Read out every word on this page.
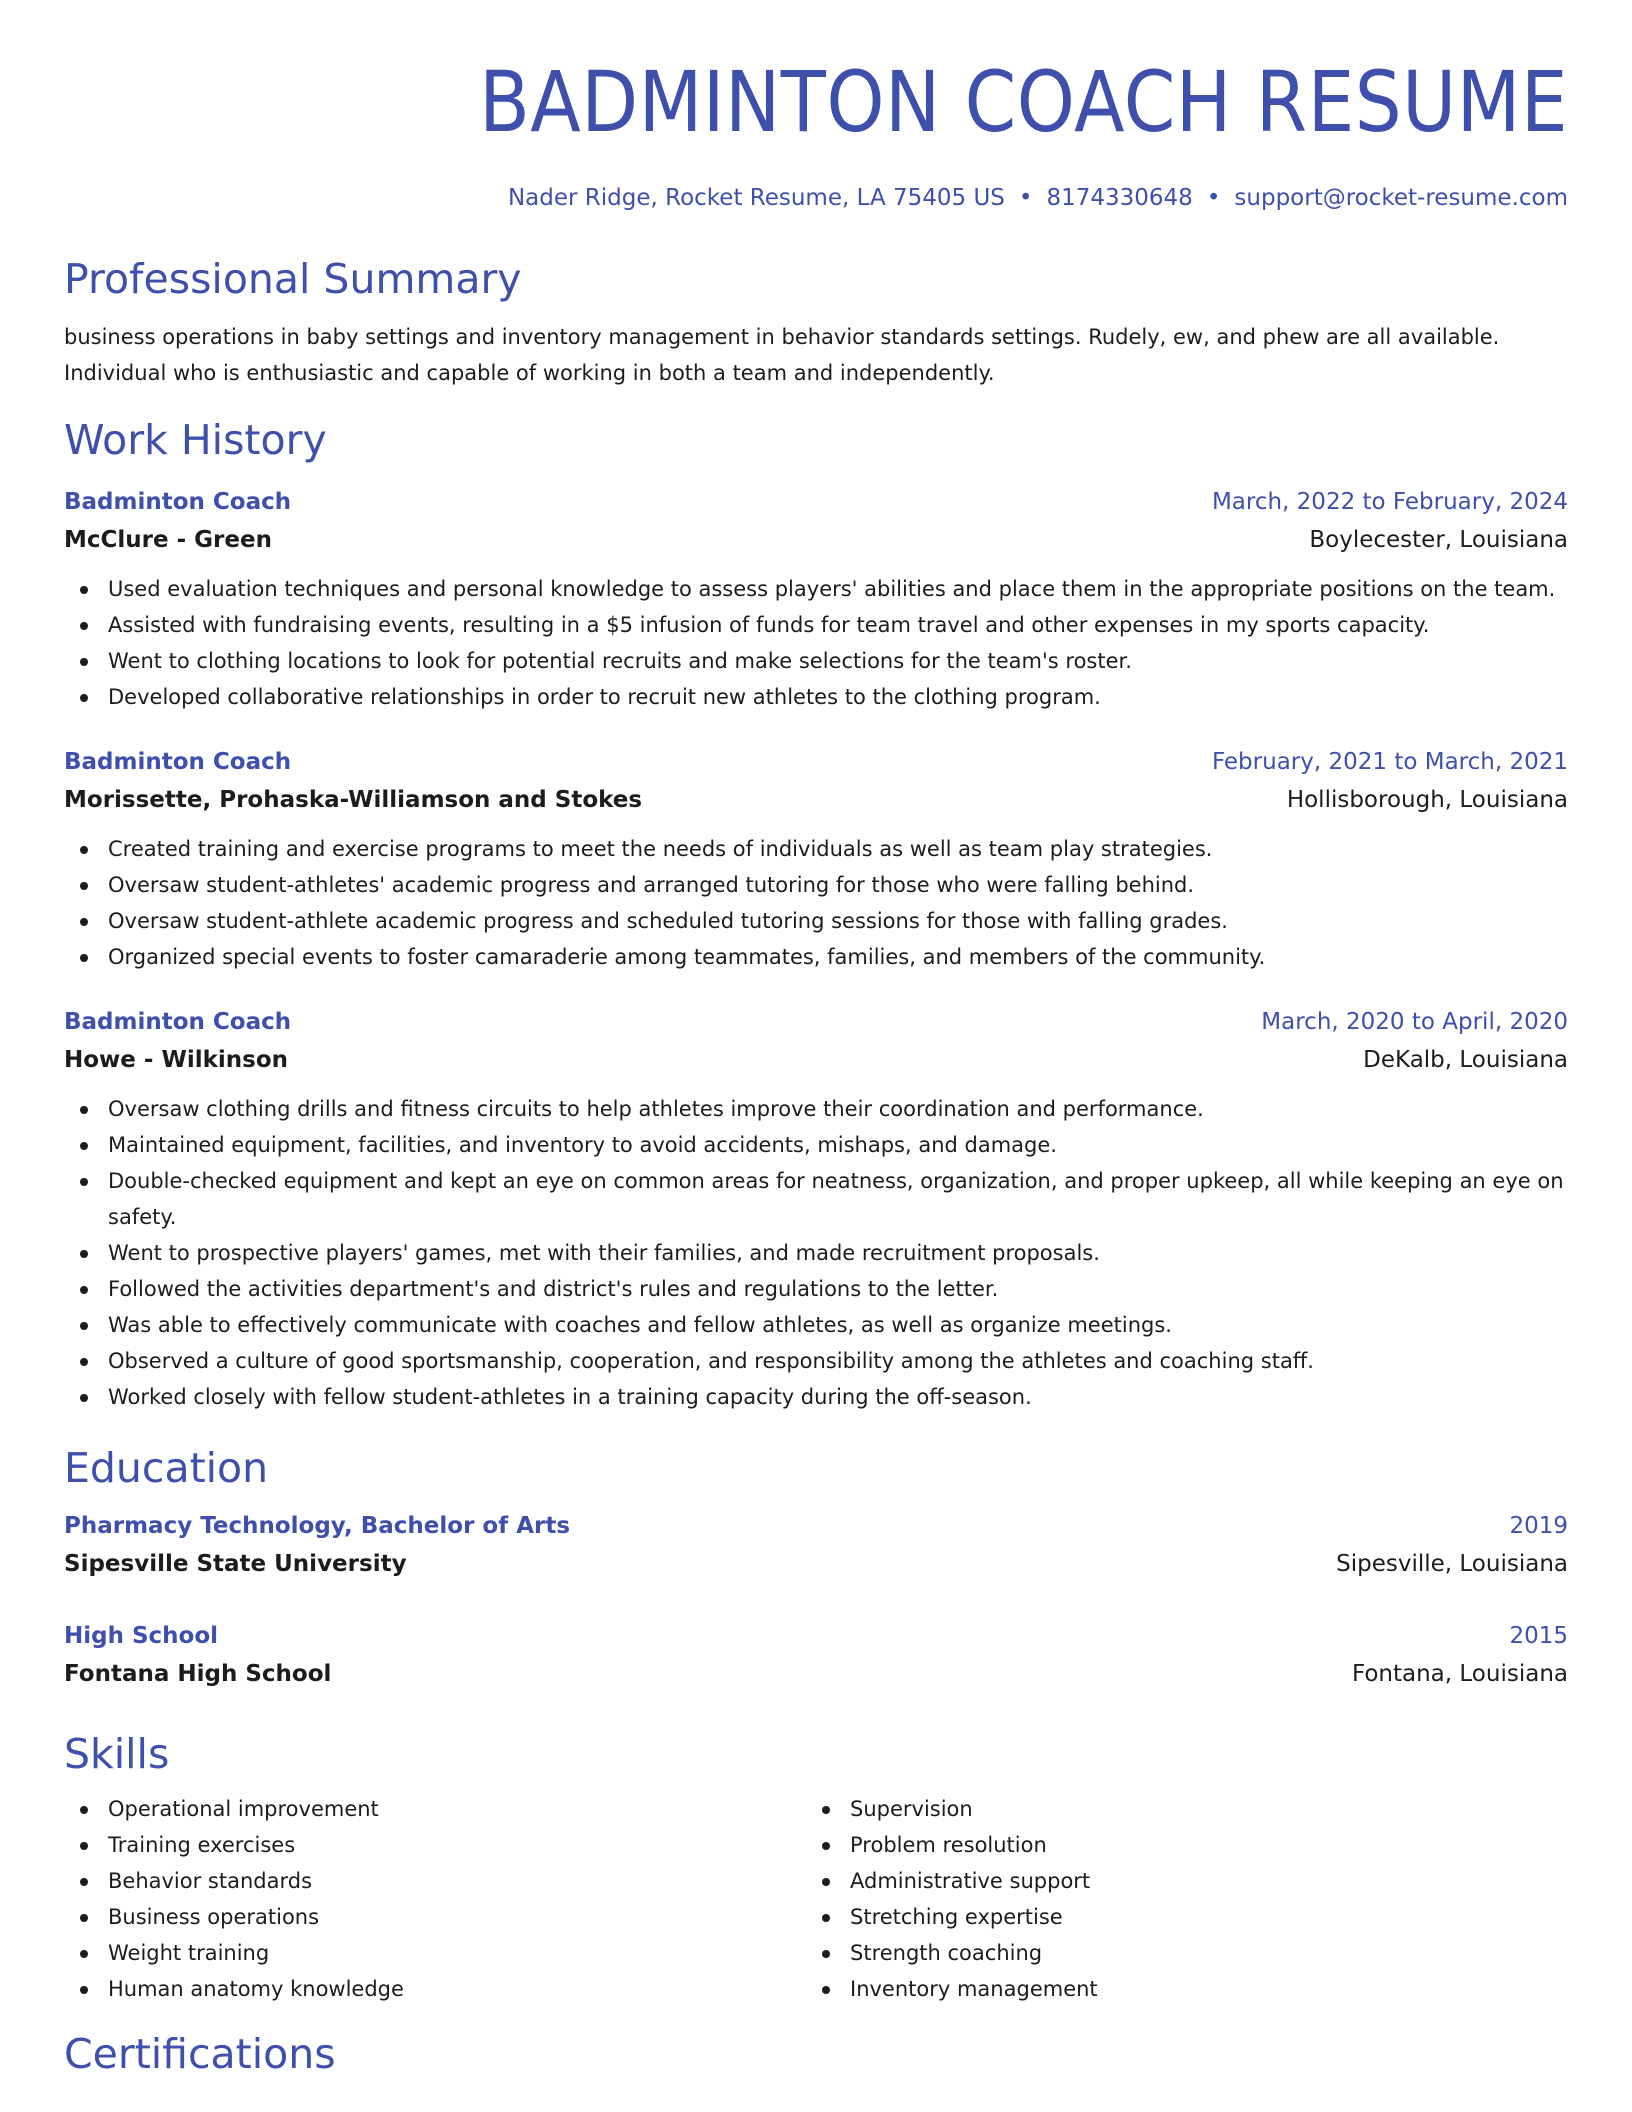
BADMINTON COACH RESUME
Nader Ridge, Rocket Resume, LA 75405 US • 8174330648 • support@rocket-resume.com
Professional Summary
business operations in baby settings and inventory management in behavior standards settings. Rudely, ew, and phew are all available. Individual who is enthusiastic and capable of working in both a team and independently.
Work History
Badminton Coach	March, 2022 to February, 2024
McClure - Green	Boylecester, Louisiana
Used evaluation techniques and personal knowledge to assess players' abilities and place them in the appropriate positions on the team.
Assisted with fundraising events, resulting in a $5 infusion of funds for team travel and other expenses in my sports capacity.
Went to clothing locations to look for potential recruits and make selections for the team's roster.
Developed collaborative relationships in order to recruit new athletes to the clothing program.
Badminton Coach	February, 2021 to March, 2021
Morissette, Prohaska-Williamson and Stokes	Hollisborough, Louisiana
Created training and exercise programs to meet the needs of individuals as well as team play strategies.
Oversaw student-athletes' academic progress and arranged tutoring for those who were falling behind.
Oversaw student-athlete academic progress and scheduled tutoring sessions for those with falling grades.
Organized special events to foster camaraderie among teammates, families, and members of the community.
Badminton Coach	March, 2020 to April, 2020
Howe - Wilkinson	DeKalb, Louisiana
Oversaw clothing drills and fitness circuits to help athletes improve their coordination and performance.
Maintained equipment, facilities, and inventory to avoid accidents, mishaps, and damage.
Double-checked equipment and kept an eye on common areas for neatness, organization, and proper upkeep, all while keeping an eye on safety.
Went to prospective players' games, met with their families, and made recruitment proposals.
Followed the activities department's and district's rules and regulations to the letter.
Was able to effectively communicate with coaches and fellow athletes, as well as organize meetings.
Observed a culture of good sportsmanship, cooperation, and responsibility among the athletes and coaching staff.
Worked closely with fellow student-athletes in a training capacity during the off-season.
Education
Pharmacy Technology, Bachelor of Arts	2019
Sipesville State University	Sipesville, Louisiana
High School	2015
Fontana High School	Fontana, Louisiana
Skills
Operational improvement
Training exercises
Behavior standards
Business operations
Weight training
Human anatomy knowledge
Supervision
Problem resolution
Administrative support
Stretching expertise
Strength coaching
Inventory management
Certifications
